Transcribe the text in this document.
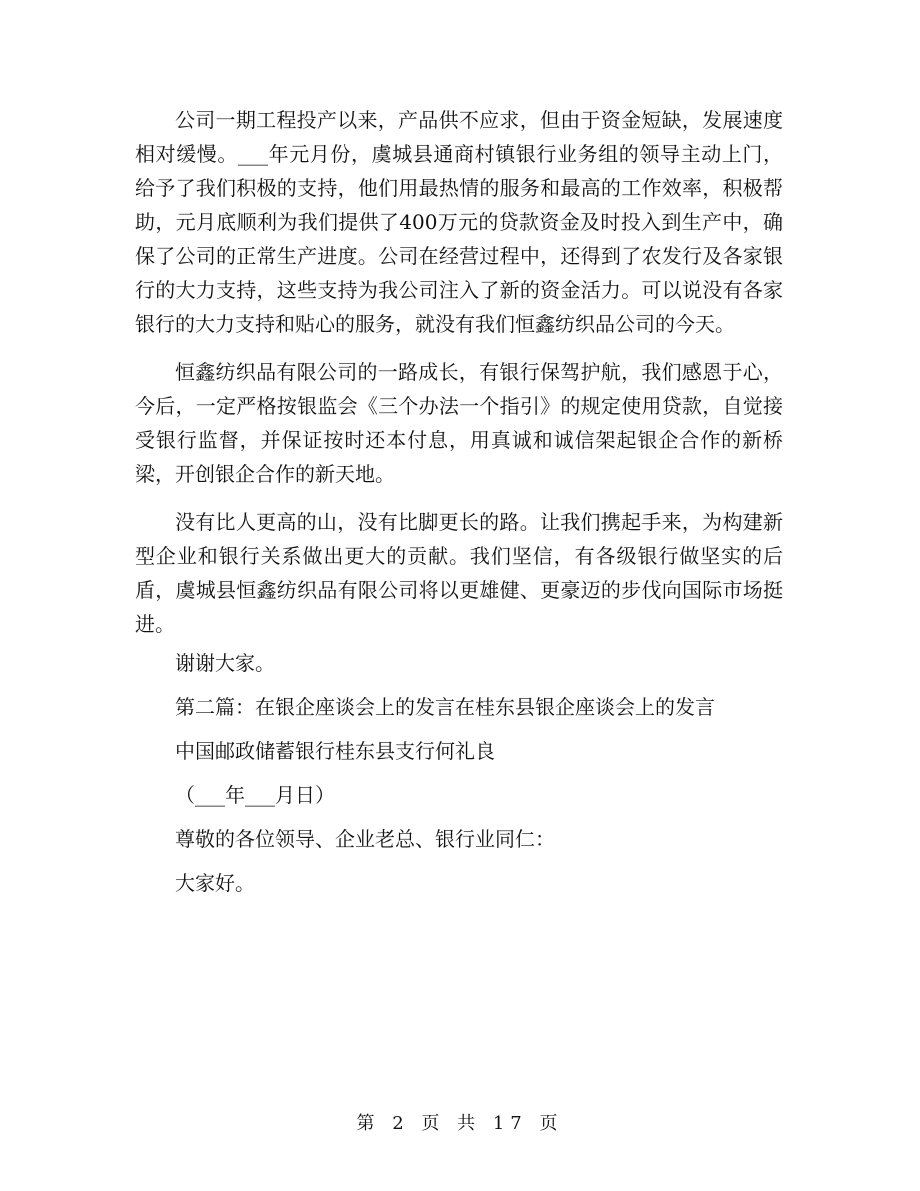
公司一期工程投产以来，产品供不应求，但由于资金短缺，发展速度相对缓慢。___年元月份，虞城县通商村镇银行业务组的领导主动上门，给予了我们积极的支持，他们用最热情的服务和最高的工作效率，积极帮助，元月底顺利为我们提供了400万元的贷款资金及时投入到生产中，确保了公司的正常生产进度。公司在经营过程中，还得到了农发行及各家银行的大力支持，这些支持为我公司注入了新的资金活力。可以说没有各家银行的大力支持和贴心的服务，就没有我们恒鑫纺织品公司的今天。

恒鑫纺织品有限公司的一路成长，有银行保驾护航，我们感恩于心，今后，一定严格按银监会《三个办法一个指引》的规定使用贷款，自觉接受银行监督，并保证按时还本付息，用真诚和诚信架起银企合作的新桥梁，开创银企合作的新天地。

没有比人更高的山，没有比脚更长的路。让我们携起手来，为构建新型企业和银行关系做出更大的贡献。我们坚信，有各级银行做坚实的后盾，虞城县恒鑫纺织品有限公司将以更雄健、更豪迈的步伐向国际市场挺进。

谢谢大家。

第二篇：在银企座谈会上的发言在桂东县银企座谈会上的发言

中国邮政储蓄银行桂东县支行何礼良

（___年___月日）

尊敬的各位领导、企业老总、银行业同仁：

大家好。

第 2 页 共 17 页
